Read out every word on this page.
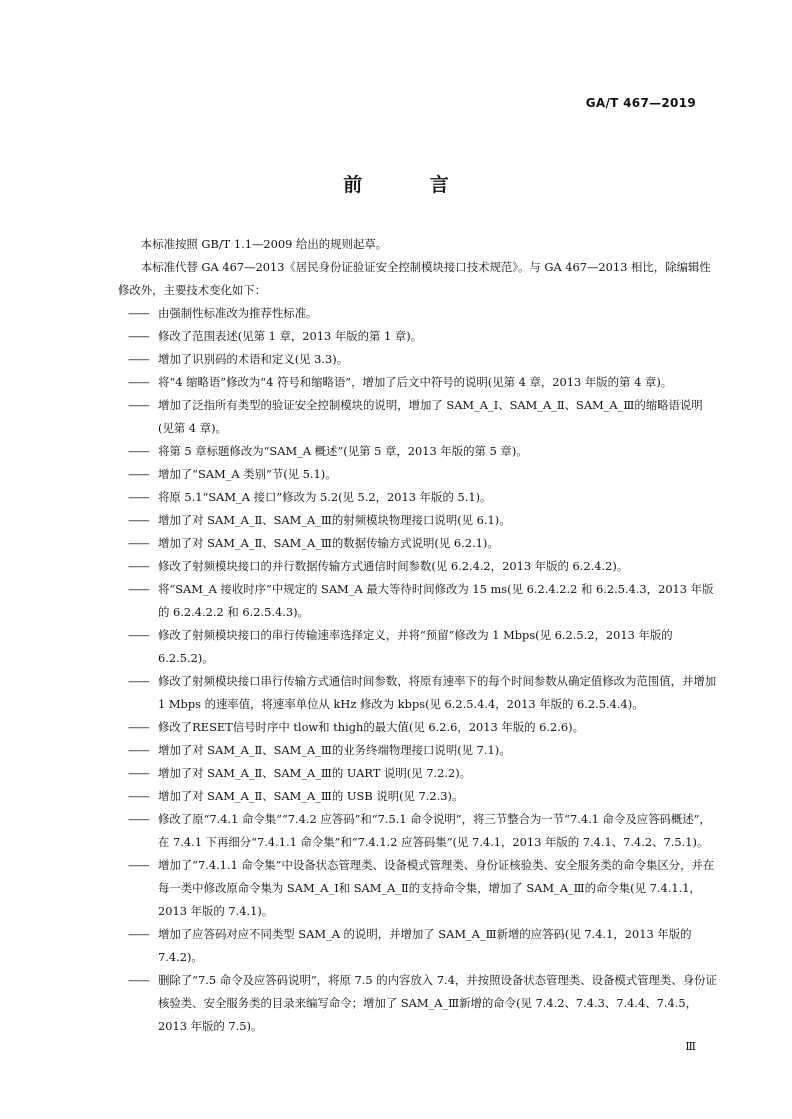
GA/T 467—2019
前 言

本标准按照 GB/T 1.1—2009 给出的规则起草。

本标准代替 GA 467—2013《居民身份证验证安全控制模块接口技术规范》。与 GA 467—2013 相比，除编辑性修改外，主要技术变化如下：

—— 由强制性标准改为推荐性标准。
—— 修改了范围表述(见第 1 章，2013 年版的第 1 章)。
—— 增加了识别码的术语和定义(见 3.3)。
—— 将“4 缩略语”修改为“4 符号和缩略语”，增加了后文中符号的说明(见第 4 章，2013 年版的第 4 章)。
—— 增加了泛指所有类型的验证安全控制模块的说明，增加了 SAM_A_Ⅰ、SAM_A_Ⅱ、SAM_A_Ⅲ的缩略语说明(见第 4 章)。
—— 将第 5 章标题修改为“SAM_A 概述”(见第 5 章，2013 年版的第 5 章)。
—— 增加了“SAM_A 类别”节(见 5.1)。
—— 将原 5.1“SAM_A 接口”修改为 5.2(见 5.2，2013 年版的 5.1)。
—— 增加了对 SAM_A_Ⅱ、SAM_A_Ⅲ的射频模块物理接口说明(见 6.1)。
—— 增加了对 SAM_A_Ⅱ、SAM_A_Ⅲ的数据传输方式说明(见 6.2.1)。
—— 修改了射频模块接口的并行数据传输方式通信时间参数(见 6.2.4.2，2013 年版的 6.2.4.2)。
—— 将“SAM_A 接收时序”中规定的 SAM_A 最大等待时间修改为 15 ms(见 6.2.4.2.2 和 6.2.5.4.3，2013 年版的 6.2.4.2.2 和 6.2.5.4.3)。
—— 修改了射频模块接口的串行传输速率选择定义，并将“预留”修改为 1 Mbps(见 6.2.5.2，2013 年版的 6.2.5.2)。
—— 修改了射频模块接口串行传输方式通信时间参数，将原有速率下的每个时间参数从确定值修改为范围值，并增加 1 Mbps 的速率值，将速率单位从 kHz 修改为 kbps(见 6.2.5.4.4，2013 年版的 6.2.5.4.4)。
—— 修改了RESET信号时序中 tlow和 thigh的最大值(见 6.2.6，2013 年版的 6.2.6)。
—— 增加了对 SAM_A_Ⅱ、SAM_A_Ⅲ的业务终端物理接口说明(见 7.1)。
—— 增加了对 SAM_A_Ⅱ、SAM_A_Ⅲ的 UART 说明(见 7.2.2)。
—— 增加了对 SAM_A_Ⅱ、SAM_A_Ⅲ的 USB 说明(见 7.2.3)。
—— 修改了原“7.4.1 命令集”“7.4.2 应答码”和“7.5.1 命令说明”，将三节整合为一节“7.4.1 命令及应答码概述”，在 7.4.1 下再细分“7.4.1.1 命令集”和“7.4.1.2 应答码集”(见 7.4.1，2013 年版的 7.4.1、7.4.2、7.5.1)。
—— 增加了“7.4.1.1 命令集”中设备状态管理类、设备模式管理类、身份证核验类、安全服务类的命令集区分，并在每一类中修改原命令集为 SAM_A_Ⅰ和 SAM_A_Ⅱ的支持命令集，增加了 SAM_A_Ⅲ的命令集(见 7.4.1.1，2013 年版的 7.4.1)。
—— 增加了应答码对应不同类型 SAM_A 的说明，并增加了 SAM_A_Ⅲ新增的应答码(见 7.4.1，2013 年版的 7.4.2)。
—— 删除了“7.5 命令及应答码说明”，将原 7.5 的内容放入 7.4，并按照设备状态管理类、设备模式管理类、身份证核验类、安全服务类的目录来编写命令；增加了 SAM_A_Ⅲ新增的命令(见 7.4.2、7.4.3、7.4.4、7.4.5，2013 年版的 7.5)。
Ⅲ
